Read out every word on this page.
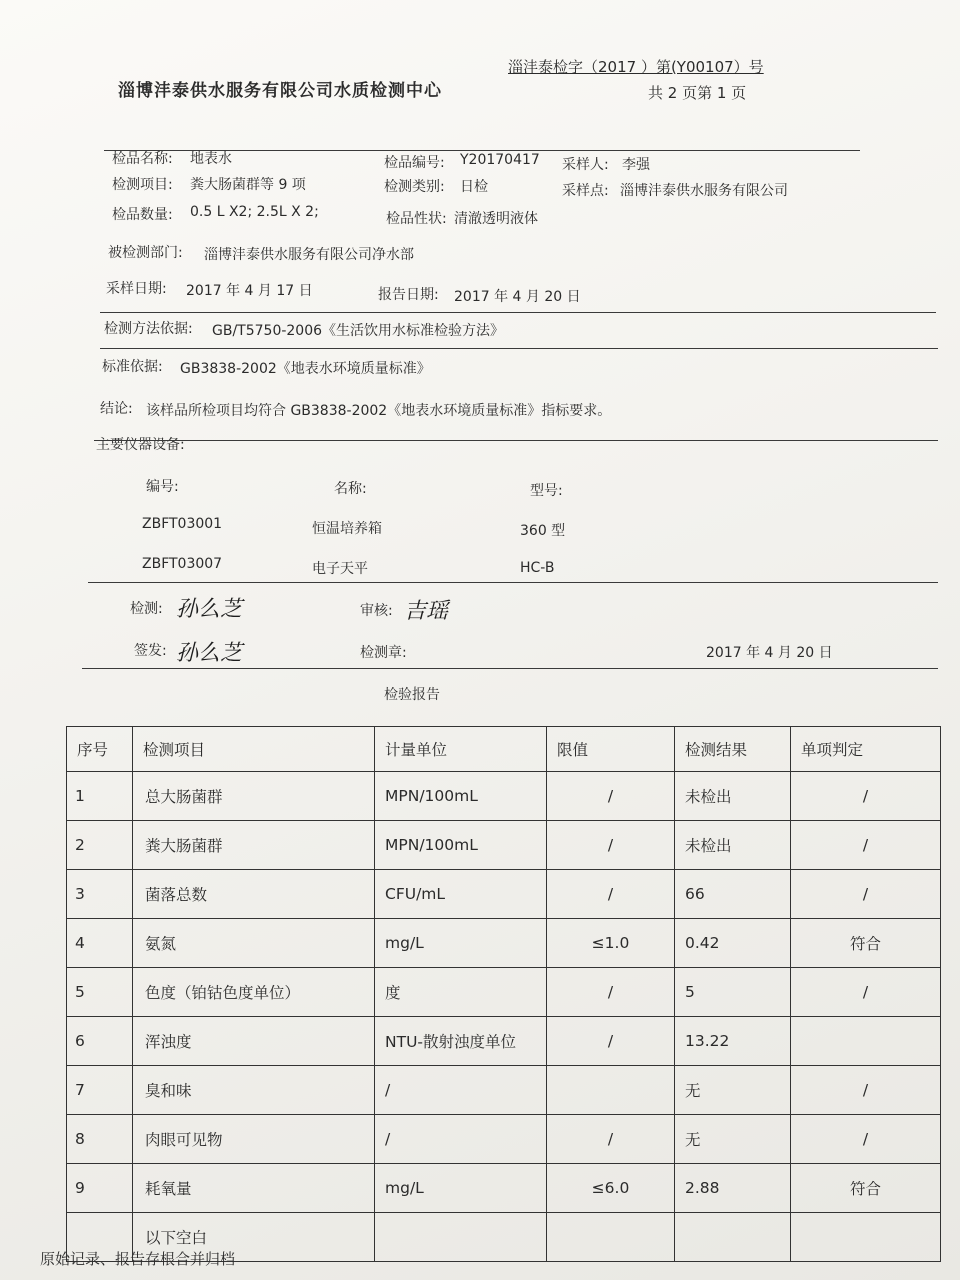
淄沣泰检字（2017 ）第(Y00107）号
共 2 页第 1 页
淄博沣泰供水服务有限公司水质检测中心
检品名称: 地表水	检品编号: Y20170417 采样人: 李强
检测项目: 粪大肠菌群等 9 项	检测类别: 日检	采样点: 淄博沣泰供水服务有限公司
检品数量: 0.5 L X2; 2.5L X 2;	检品性状: 清澈透明液体
被检测部门: 淄博沣泰供水服务有限公司净水部
采样日期: 2017 年 4 月 17 日	报告日期: 2017 年 4 月 20 日
检测方法依据: GB/T5750-2006《生活饮用水标准检验方法》
标准依据: GB3838-2002《地表水环境质量标准》
结论: 该样品所检项目均符合 GB3838-2002《地表水环境质量标准》指标要求。
主要仪器设备:
编号:	名称:	型号:
ZBFT03001	恒温培养箱	360 型
ZBFT03007	电子天平	HC-B
检测: 孙么芝	审核: 吉瑶
签发: 孙么芝	检测章:	2017 年 4 月 20 日
检验报告
序号	检测项目	计量单位	限值	检测结果	单项判定
1	总大肠菌群	MPN/100mL	/	未检出	/
2	粪大肠菌群	MPN/100mL	/	未检出	/
3	菌落总数	CFU/mL	/	66	/
4	氨氮	mg/L	≤1.0	0.42	符合
5	色度（铂钴色度单位）	度	/	5	/
6	浑浊度	NTU-散射浊度单位	/	13.22	
7	臭和味	/		无	/
8	肉眼可见物	/	/	无	/
9	耗氧量	mg/L	≤6.0	2.88	符合
	以下空白				
原始记录、报告存根合并归档
